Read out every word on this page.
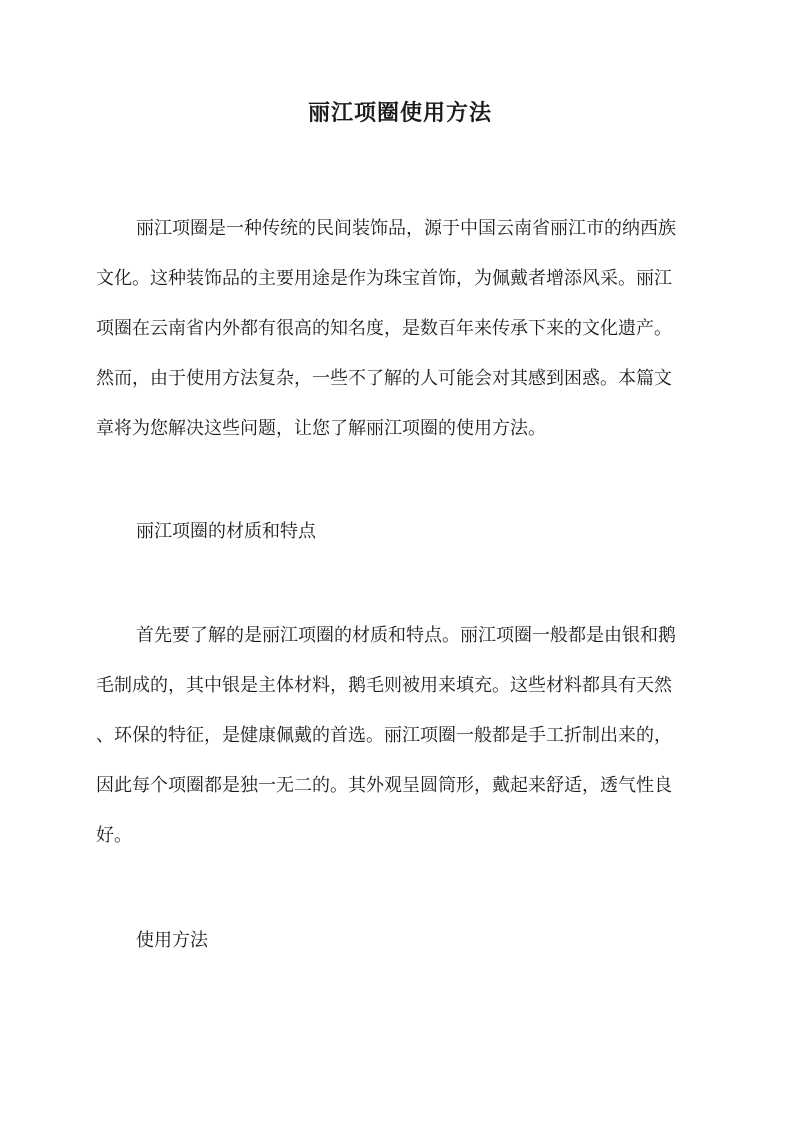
丽江项圈使用方法
丽江项圈是一种传统的民间装饰品，源于中国云南省丽江市的纳西族
文化。这种装饰品的主要用途是作为珠宝首饰，为佩戴者增添风采。丽江
项圈在云南省内外都有很高的知名度，是数百年来传承下来的文化遗产。
然而，由于使用方法复杂，一些不了解的人可能会对其感到困惑。本篇文
章将为您解决这些问题，让您了解丽江项圈的使用方法。
丽江项圈的材质和特点
首先要了解的是丽江项圈的材质和特点。丽江项圈一般都是由银和鹅
毛制成的，其中银是主体材料，鹅毛则被用来填充。这些材料都具有天然
、环保的特征，是健康佩戴的首选。丽江项圈一般都是手工折制出来的，
因此每个项圈都是独一无二的。其外观呈圆筒形，戴起来舒适，透气性良
好。
使用方法
